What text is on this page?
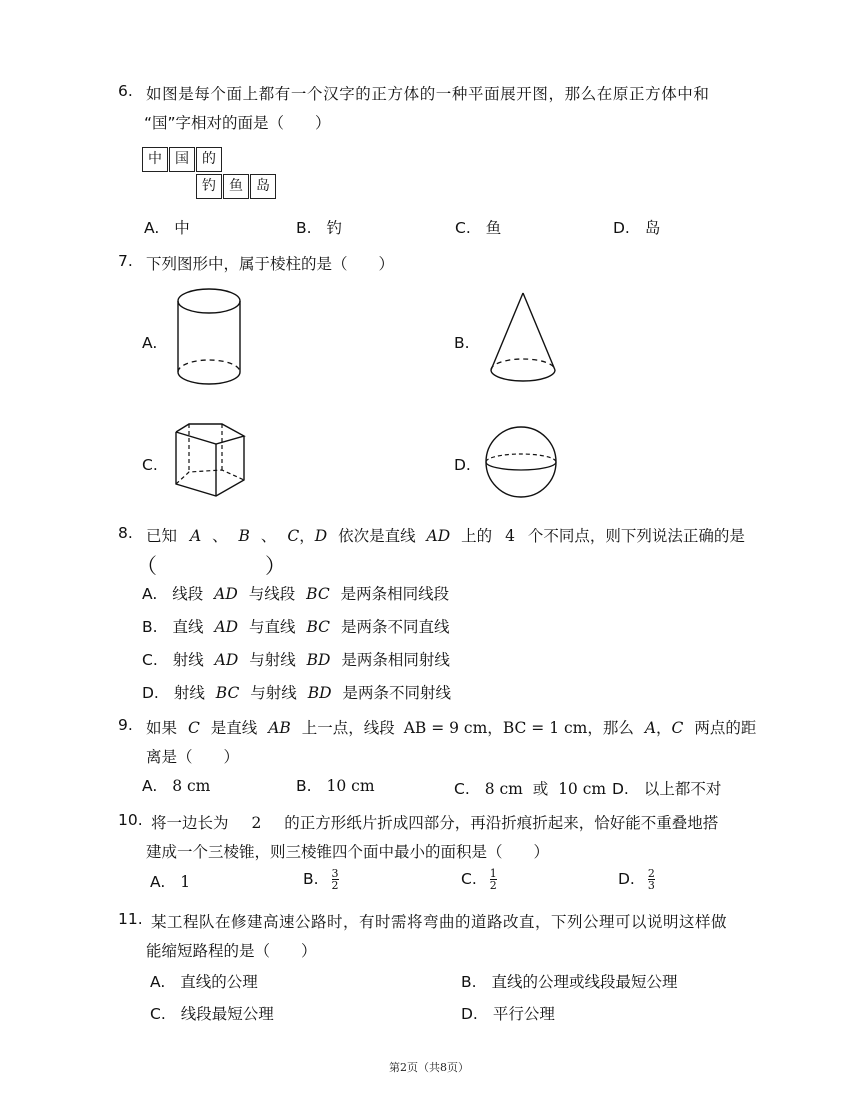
6. 如图是每个面上都有一个汉字的正方体的一种平面展开图，那么在原正方体中和
“国”字相对的面是（　　）
中 国 的
钓 鱼 岛
A. 中	B. 钓	C. 鱼	D. 岛
7. 下列图形中，属于棱柱的是（　　）
A.	B.
C.	D.
8. 已知 A 、 B 、 C，D 依次是直线 AD 上的 4 个不同点，则下列说法正确的是
（　　）
A. 线段 AD 与线段 BC 是两条相同线段
B. 直线 AD 与直线 BC 是两条不同直线
C. 射线 AD 与射线 BD 是两条相同射线
D. 射线 BC 与射线 BD 是两条不同射线
9. 如果 C 是直线 AB 上一点，线段 AB = 9 cm，BC = 1 cm，那么 A，C 两点的距
离是（　　）
A. 8 cm	B. 10 cm	C. 8 cm  或  10 cm D. 以上都不对
10. 将一边长为 2 的正方形纸片折成四部分，再沿折痕折起来，恰好能不重叠地搭
建成一个三棱锥，则三棱锥四个面中最小的面积是（　　）
A. 1	B. $\frac{3}{2}$	C. $\frac{1}{2}$	D. $\frac{2}{3}$
11. 某工程队在修建高速公路时，有时需将弯曲的道路改直，下列公理可以说明这样做
能缩短路程的是（　　）
A. 直线的公理	B. 直线的公理或线段最短公理
C. 线段最短公理	D. 平行公理
第2页（共8页）
